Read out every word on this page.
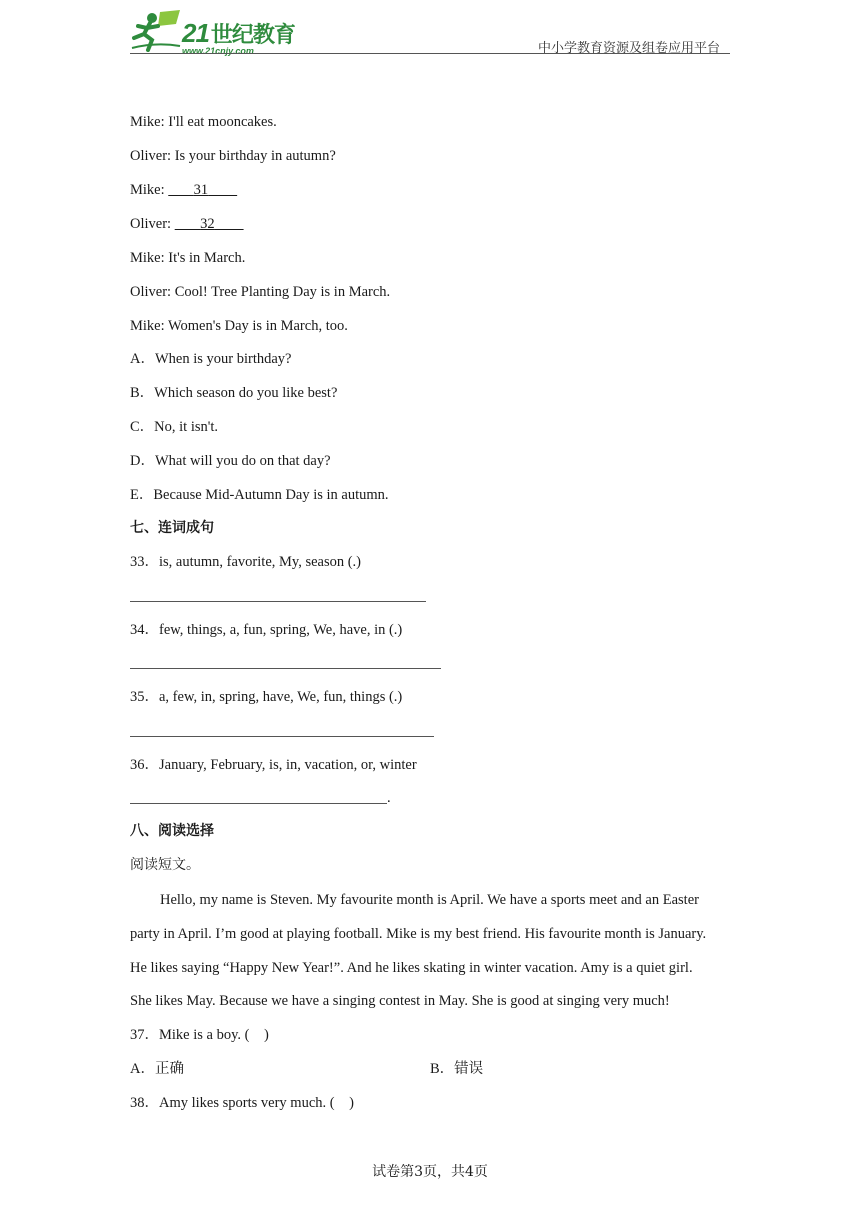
21世纪教育
www.21cnjy.com	中小学教育资源及组卷应用平台
Mike: I'll eat mooncakes.
Oliver: Is your birthday in autumn?
Mike:        31
Oliver:        32
Mike: It's in March.
Oliver: Cool! Tree Planting Day is in March.
Mike: Women's Day is in March, too.
A．When is your birthday?
B．Which season do you like best?
C．No, it isn't.
D．What will you do on that day?
E．Because Mid-Autumn Day is in autumn.
七、连词成句
33．is, autumn, favorite, My, season (.)
34．few, things, a, fun, spring, We, have, in (.)
35．a, few, in, spring, have, We, fun, things (.)
36．January, February, is, in, vacation, or, winter
.
八、阅读选择
阅读短文。
Hello, my name is Steven. My favourite month is April. We have a sports meet and an Easter
party in April. I’m good at playing football. Mike is my best friend. His favourite month is January.
He likes saying “Happy New Year!”. And he likes skating in winter vacation. Amy is a quiet girl.
She likes May. Because we have a singing contest in May. She is good at singing very much!
37．Mike is a boy. (　)
A．正确	B．错误
38．Amy likes sports very much. (　)
试卷第3页，共4页
